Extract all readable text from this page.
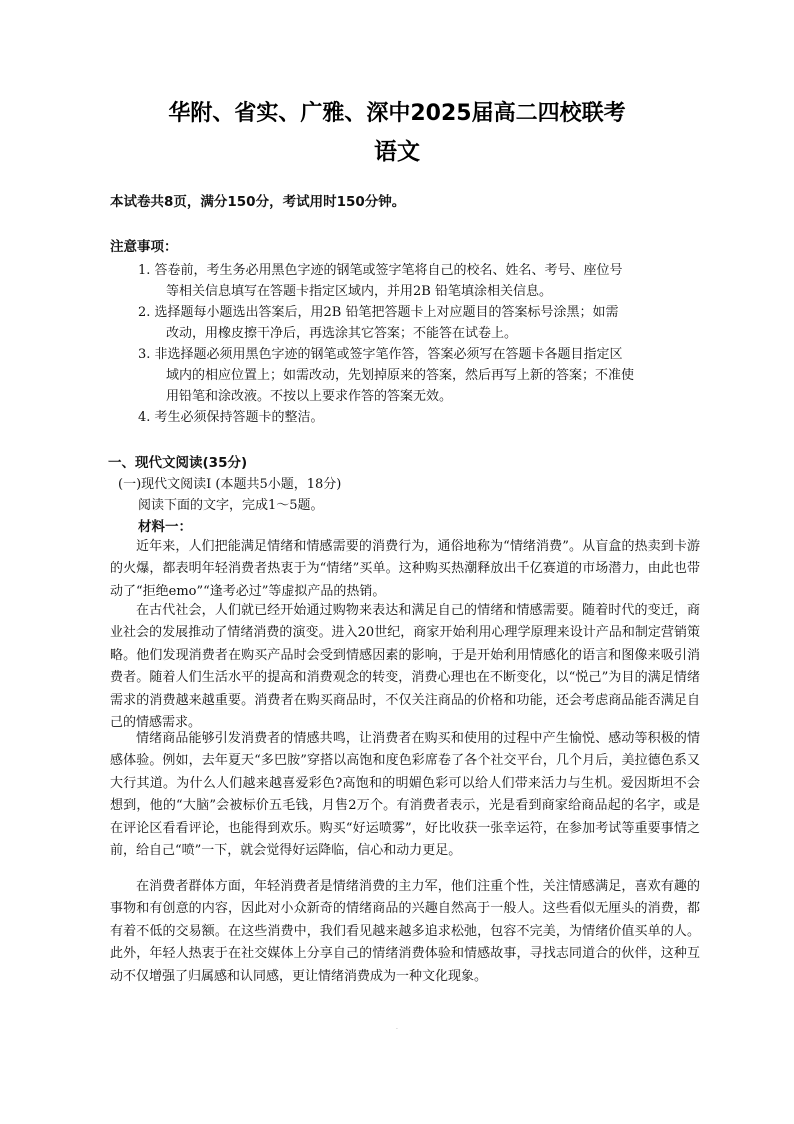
华附、省实、广雅、深中2025届高二四校联考
语文
本试卷共8页，满分150分，考试用时150分钟。
注意事项：
1. 答卷前，考生务必用黑色字迹的钢笔或签字笔将自己的校名、姓名、考号、座位号
等相关信息填写在答题卡指定区域内，并用2B 铅笔填涂相关信息。
2. 选择题每小题选出答案后，用2B 铅笔把答题卡上对应题目的答案标号涂黑；如需
改动，用橡皮擦干净后，再选涂其它答案；不能答在试卷上。
3. 非选择题必须用黑色字迹的钢笔或签字笔作答，答案必须写在答题卡各题目指定区
域内的相应位置上；如需改动，先划掉原来的答案，然后再写上新的答案；不准使
用铅笔和涂改液。不按以上要求作答的答案无效。
4. 考生必须保持答题卡的整洁。
一、现代文阅读(35分)
(一)现代文阅读Ⅰ (本题共5小题，18分)
阅读下面的文字，完成1～5题。
材料一：
近年来，人们把能满足情绪和情感需要的消费行为，通俗地称为“情绪消费”。从盲盒的热卖到卡游的火爆，都表明年轻消费者热衷于为“情绪”买单。这种购买热潮释放出千亿赛道的市场潜力，由此也带动了“拒绝emo”“逢考必过”等虚拟产品的热销。
在古代社会，人们就已经开始通过购物来表达和满足自己的情绪和情感需要。随着时代的变迁，商业社会的发展推动了情绪消费的演变。进入20世纪，商家开始利用心理学原理来设计产品和制定营销策略。他们发现消费者在购买产品时会受到情感因素的影响，于是开始利用情感化的语言和图像来吸引消费者。随着人们生活水平的提高和消费观念的转变，消费心理也在不断变化，以“悦己”为目的满足情绪需求的消费越来越重要。消费者在购买商品时，不仅关注商品的价格和功能，还会考虑商品能否满足自己的情感需求。
情绪商品能够引发消费者的情感共鸣，让消费者在购买和使用的过程中产生愉悦、感动等积极的情感体验。例如，去年夏天“多巴胺”穿搭以高饱和度色彩席卷了各个社交平台，几个月后，美拉德色系又大行其道。为什么人们越来越喜爱彩色?高饱和的明媚色彩可以给人们带来活力与生机。爱因斯坦不会想到，他的“大脑”会被标价五毛钱，月售2万个。有消费者表示，光是看到商家给商品起的名字，或是在评论区看看评论，也能得到欢乐。购买“好运喷雾”，好比收获一张幸运符，在参加考试等重要事情之前，给自己“喷”一下，就会觉得好运降临，信心和动力更足。
在消费者群体方面，年轻消费者是情绪消费的主力军，他们注重个性，关注情感满足，喜欢有趣的事物和有创意的内容，因此对小众新奇的情绪商品的兴趣自然高于一般人。这些看似无厘头的消费，都有着不低的交易额。在这些消费中，我们看见越来越多追求松弛，包容不完美，为情绪价值买单的人。此外，年轻人热衷于在社交媒体上分享自己的情绪消费体验和情感故事，寻找志同道合的伙伴，这种互动不仅增强了归属感和认同感，更让情绪消费成为一种文化现象。
·
